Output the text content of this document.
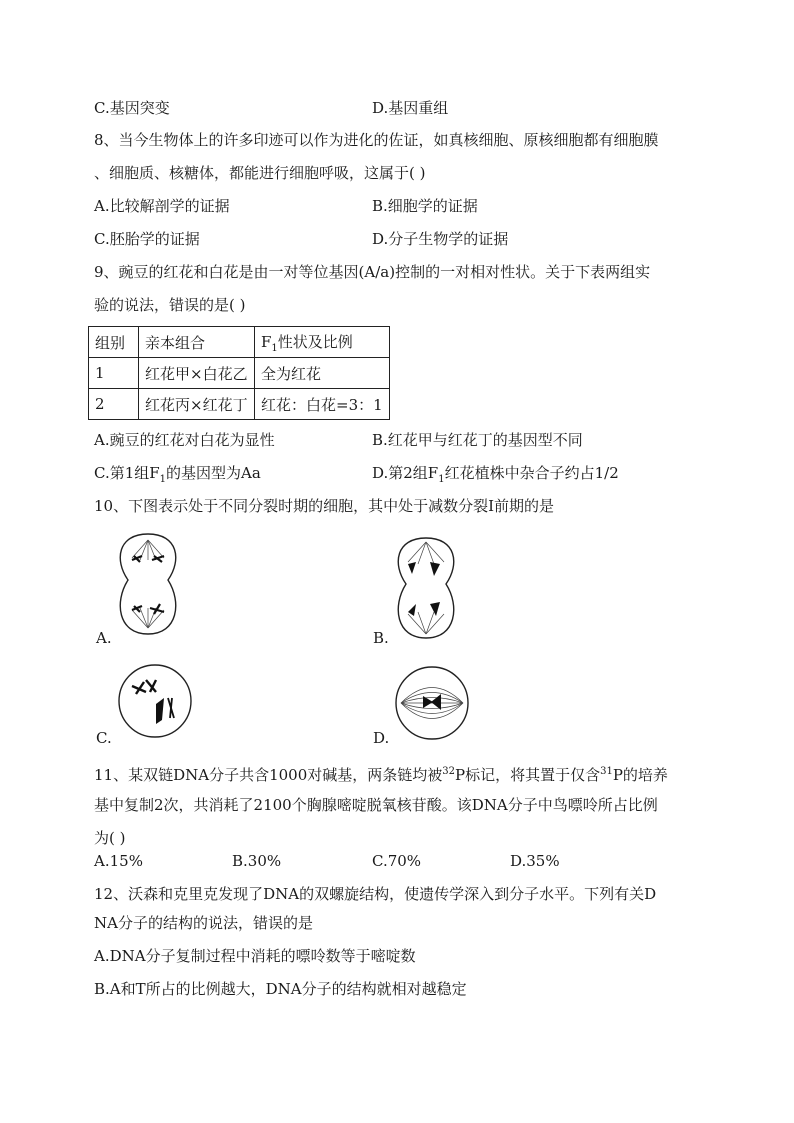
C.基因突变	D.基因重组
8、当今生物体上的许多印迹可以作为进化的佐证，如真核细胞、原核细胞都有细胞膜
、细胞质、核糖体，都能进行细胞呼吸，这属于( )
A.比较解剖学的证据	B.细胞学的证据
C.胚胎学的证据	D.分子生物学的证据
9、豌豆的红花和白花是由一对等位基因(A/a)控制的一对相对性状。关于下表两组实
验的说法，错误的是( )
组别	亲本组合	$F_1$性状及比例
1	红花甲×白花乙	全为红花
2	红花丙×红花丁	红花：白花=3：1
A.豌豆的红花对白花为显性	B.红花甲与红花丁的基因型不同
C.第1组$F_1$的基因型为Aa	D.第2组$F_1$红花植株中杂合子约占1/2
10、下图表示处于不同分裂时期的细胞，其中处于减数分裂I前期的是
A.	B.
C.	D.
11、某双链DNA分子共含1000对碱基，两条链均被$^{32}$P标记，将其置于仅含$^{31}$P的培养
基中复制2次，共消耗了2100个胸腺嘧啶脱氧核苷酸。该DNA分子中鸟嘌呤所占比例
为( )
A.15%	B.30%	C.70%	D.35%
12、沃森和克里克发现了DNA的双螺旋结构，使遗传学深入到分子水平。下列有关D
NA分子的结构的说法，错误的是
A.DNA分子复制过程中消耗的嘌呤数等于嘧啶数
B.A和T所占的比例越大，DNA分子的结构就相对越稳定
